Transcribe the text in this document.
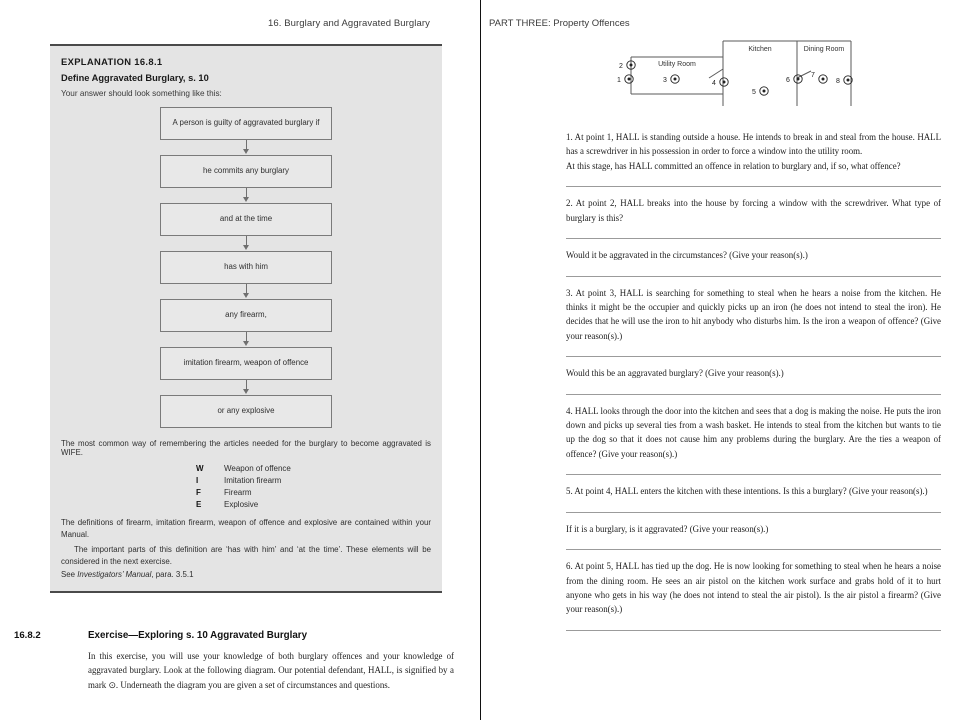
16. Burglary and Aggravated Burglary
EXPLANATION 16.8.1
Define Aggravated Burglary, s. 10
Your answer should look something like this:
A person is guilty of aggravated burglary if
he commits any burglary
and at the time
has with him
any firearm,
imitation firearm, weapon of offence
or any explosive
The most common way of remembering the articles needed for the burglary to become aggravated is WIFE.
W	Weapon of offence
I	Imitation firearm
F	Firearm
E	Explosive
The definitions of firearm, imitation firearm, weapon of offence and explosive are contained within your Manual.
The important parts of this definition are ‘has with him’ and ‘at the time’. These elements will be considered in the next exercise.
See Investigators’ Manual, para. 3.5.1
16.8.2	Exercise—Exploring s. 10 Aggravated Burglary
In this exercise, you will use your knowledge of both burglary offences and your knowledge of aggravated burglary. Look at the following diagram. Our potential defendant, HALL, is signified by a mark ⊙. Underneath the diagram you are given a set of circumstances and questions.
PART THREE: Property Offences
Utility Room
Kitchen	Dining Room
1
2
3	4
5
6
7
8
1. At point 1, HALL is standing outside a house. He intends to break in and steal from the house. HALL has a screwdriver in his possession in order to force a window into the utility room.
At this stage, has HALL committed an offence in relation to burglary and, if so, what offence?
2. At point 2, HALL breaks into the house by forcing a window with the screwdriver. What type of burglary is this?
Would it be aggravated in the circumstances? (Give your reason(s).)
3. At point 3, HALL is searching for something to steal when he hears a noise from the kitchen. He thinks it might be the occupier and quickly picks up an iron (he does not intend to steal the iron). He decides that he will use the iron to hit anybody who disturbs him. Is the iron a weapon of offence? (Give your reason(s).)
Would this be an aggravated burglary? (Give your reason(s).)
4. HALL looks through the door into the kitchen and sees that a dog is making the noise. He puts the iron down and picks up several ties from a wash basket. He intends to steal from the kitchen but wants to tie up the dog so that it does not cause him any problems during the burglary. Are the ties a weapon of offence? (Give your reason(s).)
5. At point 4, HALL enters the kitchen with these intentions. Is this a burglary? (Give your reason(s).)
If it is a burglary, is it aggravated? (Give your reason(s).)
6. At point 5, HALL has tied up the dog. He is now looking for something to steal when he hears a noise from the dining room. He sees an air pistol on the kitchen work surface and grabs hold of it to hurt anyone who gets in his way (he does not intend to steal the air pistol). Is the air pistol a firearm? (Give your reason(s).)
